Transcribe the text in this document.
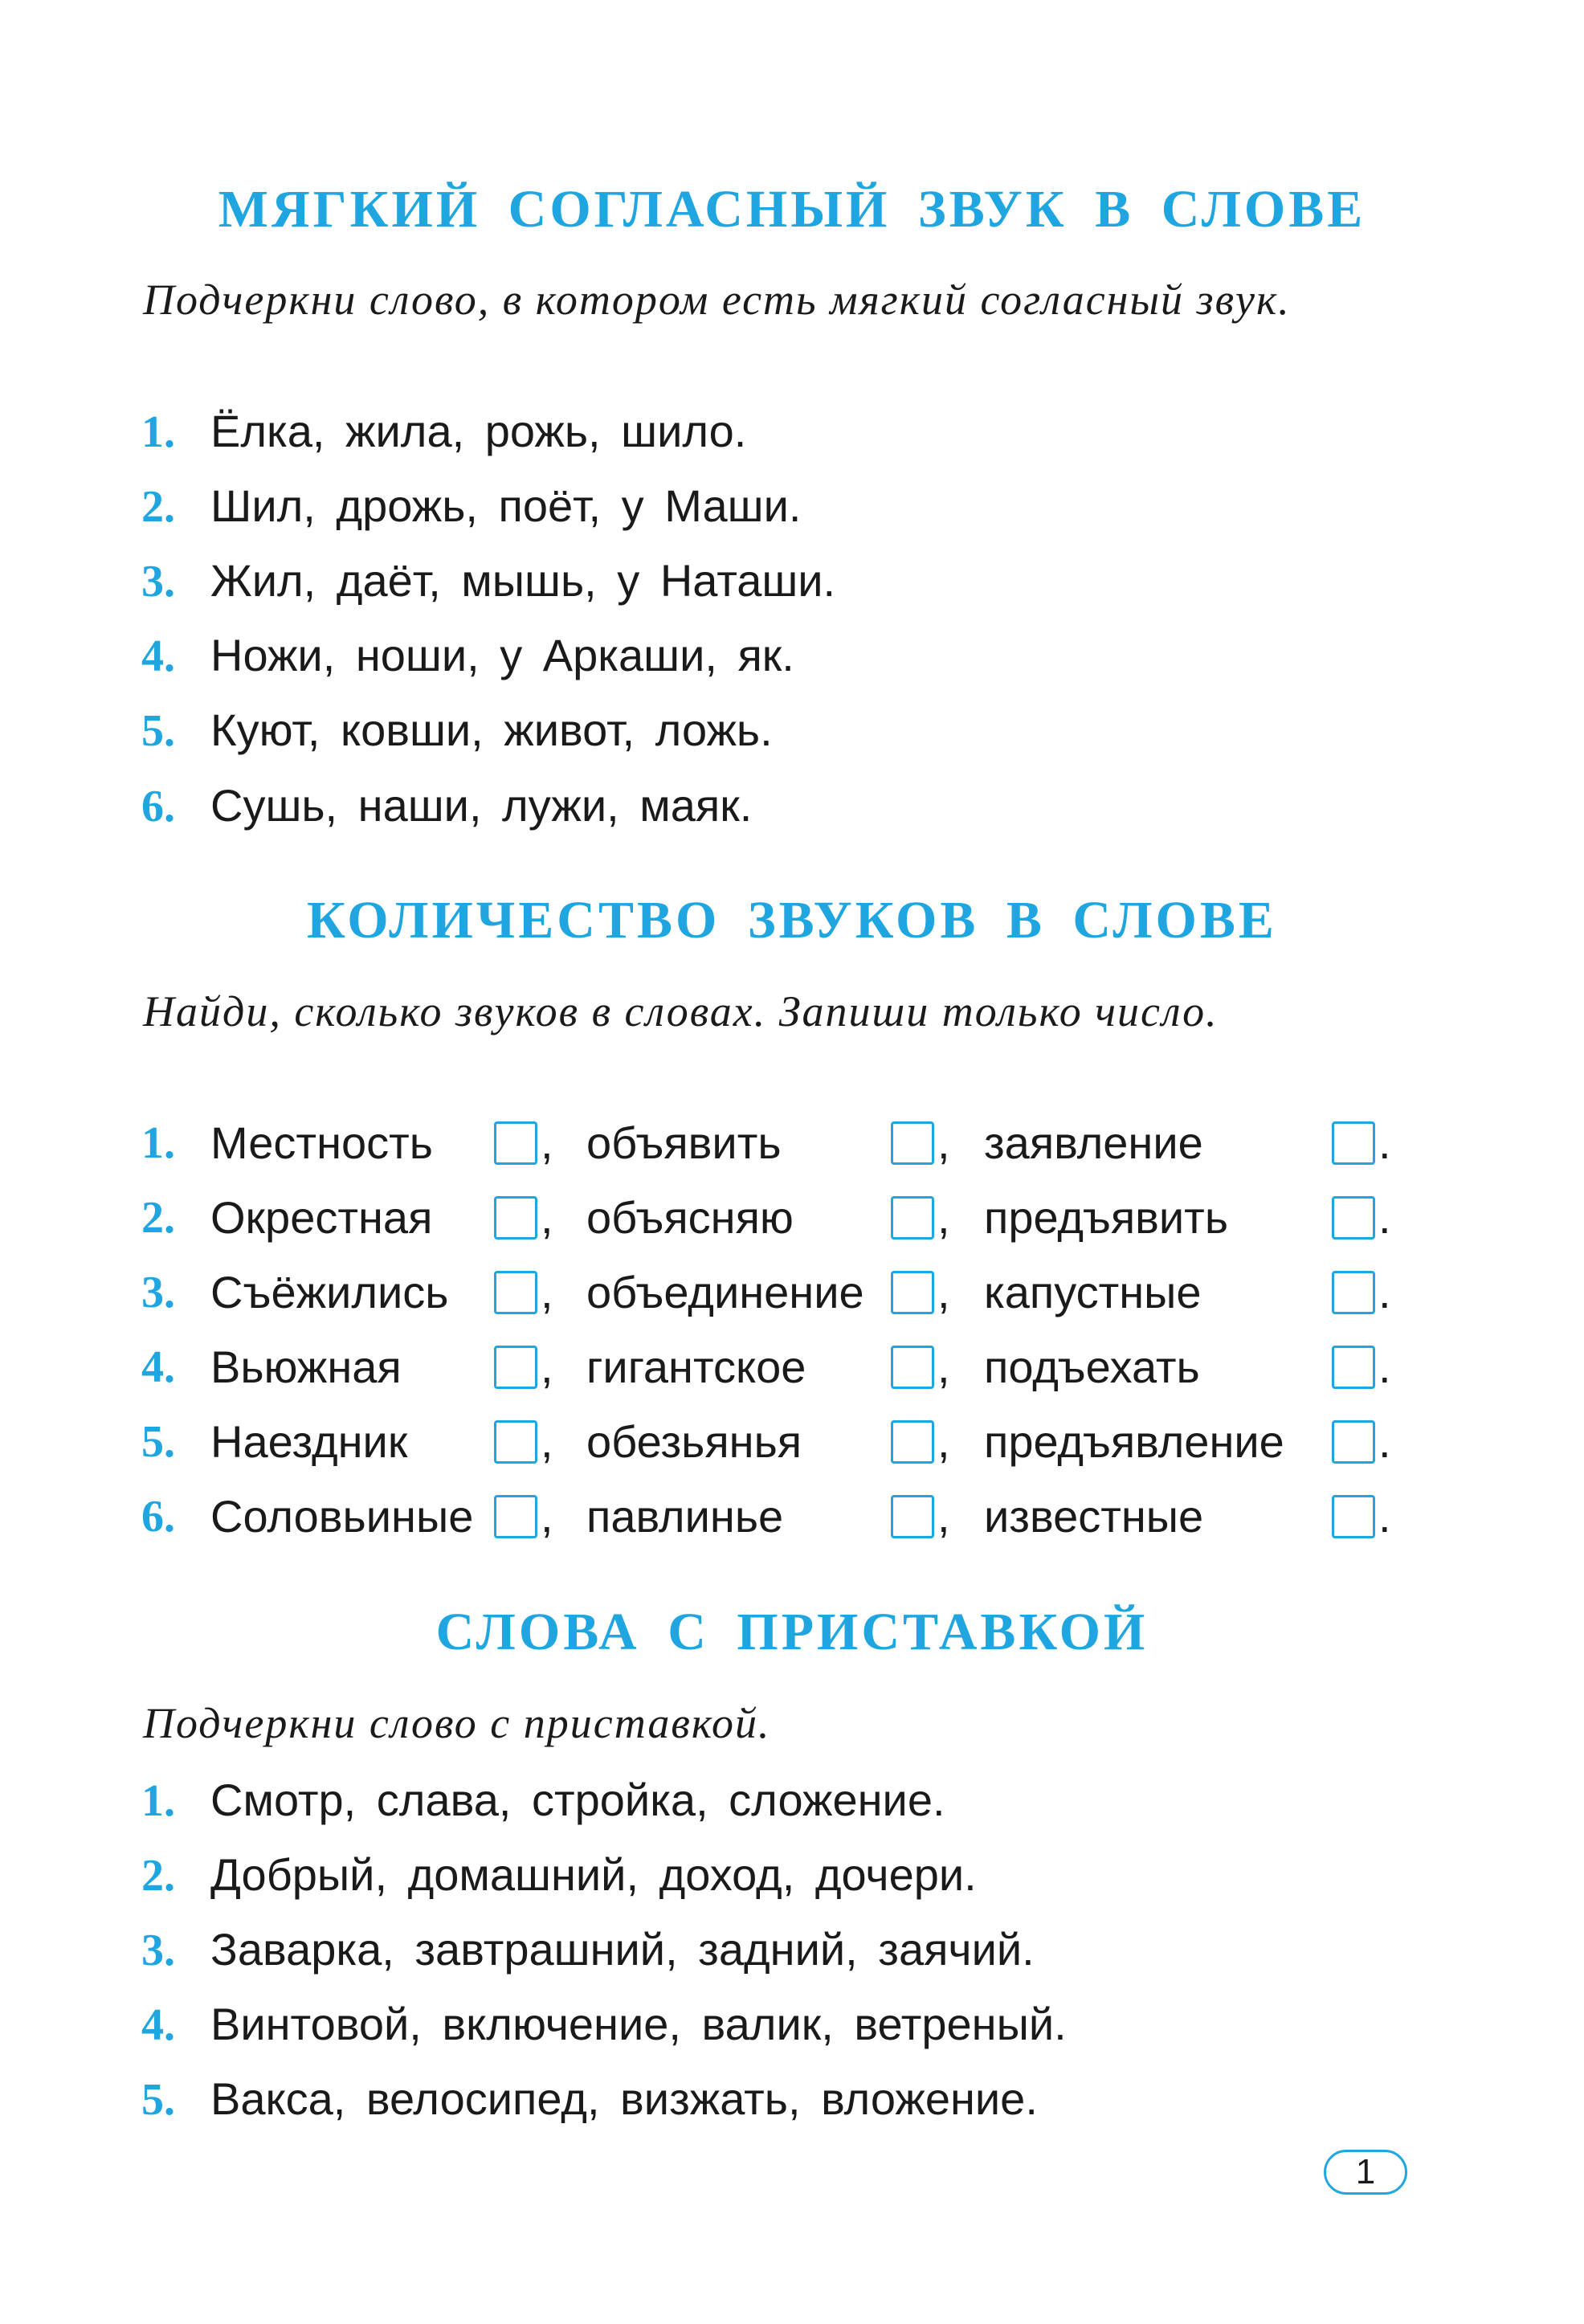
МЯГКИЙ СОГЛАСНЫЙ ЗВУК В СЛОВЕ
Подчеркни слово, в котором есть мягкий согласный звук.
1. Ёлка, жила, рожь, шило.
2. Шил, дрожь, поёт, у Маши.
3. Жил, даёт, мышь, у Наташи.
4. Ножи, ноши, у Аркаши, як.
5. Куют, ковши, живот, ложь.
6. Сушь, наши, лужи, маяк.
КОЛИЧЕСТВО ЗВУКОВ В СЛОВЕ
Найди, сколько звуков в словах. Запиши только число.
1. Местность , объявить	, заявление	.
2. Окрестная , объясняю	, предъявить	.
3. Съёжились , объединение , капустные	.
4. Вьюжная	, гигантское	, подъехать	.
5. Наездник	, обезьянья	, предъявление .
6. Соловьиные , павлинье	, известные	.
СЛОВА С ПРИСТАВКОЙ
Подчеркни слово с приставкой.
1. Смотр, слава, стройка, сложение.
2. Добрый, домашний, доход, дочери.
3. Заварка, завтрашний, задний, заячий.
4. Винтовой, включение, валик, ветреный.
5. Вакса, велосипед, визжать, вложение.
1
